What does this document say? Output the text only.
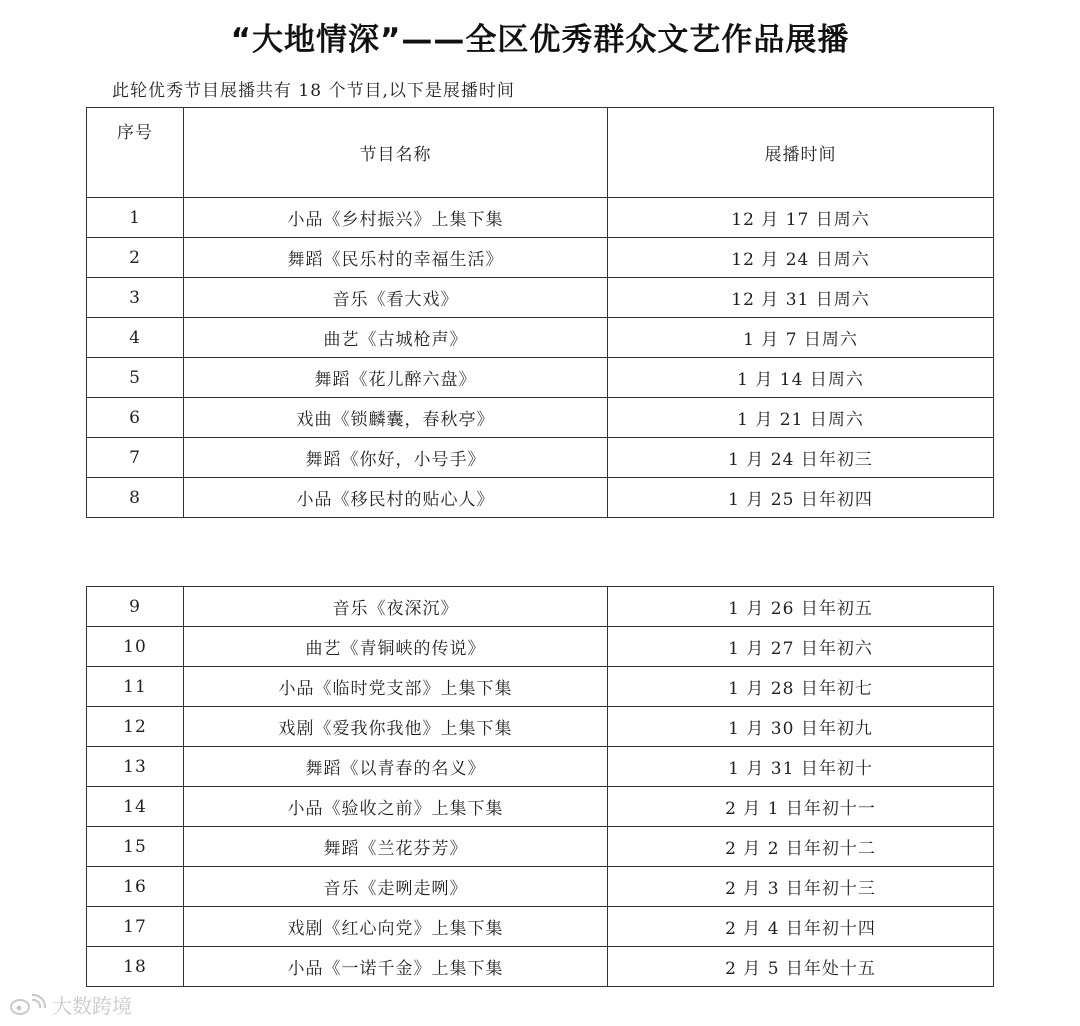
“大地情深”——全区优秀群众文艺作品展播
此轮优秀节目展播共有 18 个节目,以下是展播时间
序号	节目名称	展播时间
1	小品《乡村振兴》上集下集	12 月 17 日周六
2	舞蹈《民乐村的幸福生活》	12 月 24 日周六
3	音乐《看大戏》	12 月 31 日周六
4	曲艺《古城枪声》	1 月 7 日周六
5	舞蹈《花儿醉六盘》	1 月 14 日周六
6	戏曲《锁麟囊，春秋亭》	1 月 21 日周六
7	舞蹈《你好，小号手》	1 月 24 日年初三
8	小品《移民村的贴心人》	1 月 25 日年初四
9	音乐《夜深沉》	1 月 26 日年初五
10	曲艺《青铜峡的传说》	1 月 27 日年初六
11	小品《临时党支部》上集下集	1 月 28 日年初七
12	戏剧《爱我你我他》上集下集	1 月 30 日年初九
13	舞蹈《以青春的名义》	1 月 31 日年初十
14	小品《验收之前》上集下集	2 月 1 日年初十一
15	舞蹈《兰花芬芳》	2 月 2 日年初十二
16	音乐《走咧走咧》	2 月 3 日年初十三
17	戏剧《红心向党》上集下集	2 月 4 日年初十四
18	小品《一诺千金》上集下集	2 月 5 日年处十五
大数跨境
